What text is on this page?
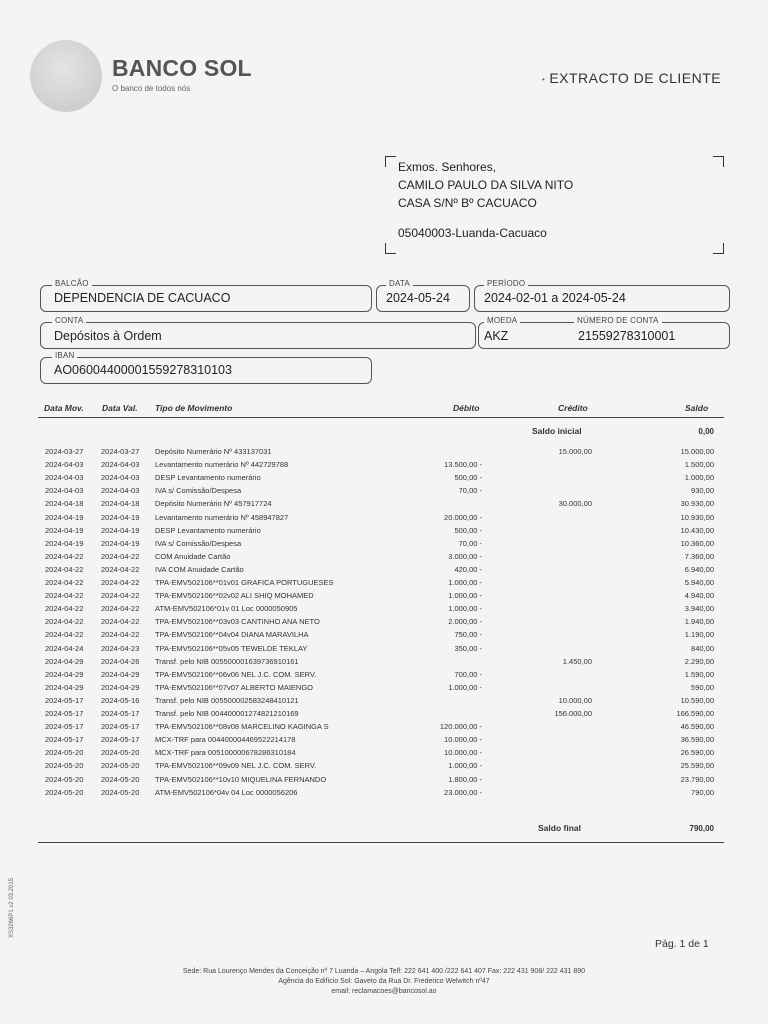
BANCO SOL
O banco de todos nós
• EXTRACTO DE CLIENTE
Exmos. Senhores,
CAMILO PAULO DA SILVA NITO
CASA S/Nº Bº CACUACO
05040003-Luanda-Cacuaco
BALCÃO
DEPENDENCIA DE CACUACO
DATA
2024-05-24
PERÍODO
2024-02-01 a 2024-05-24
CONTA
Depósitos à Ordem
MOEDA
AKZ
NÚMERO DE CONTA
21559278310001
IBAN
AO06004400001559278310103
Data Mov. Data Val. Tipo de Movimento	Débito	Crédito	Saldo
Saldo inicial	0,00
2024-03-27 2024-03-27 Depósito Numerário Nº 433137031	15.000,00	15.000,00
2024-04-03 2024-04-03 Levantamento numerário Nº 442729788	13.500,00 -	1.500,00
2024-04-03 2024-04-03 DESP Levantamento numerário	500,00 -	1.000,00
2024-04-03 2024-04-03 IVA s/ Comissão/Despesa	70,00 -	930,00
2024-04-18 2024-04-18 Depósito Numerário Nº 457917724	30.000,00	30.930,00
2024-04-19 2024-04-19 Levantamento numerário Nº 458947827	20.000,00 -	10.930,00
2024-04-19 2024-04-19 DESP Levantamento numerário	500,00 -	10.430,00
2024-04-19 2024-04-19 IVA s/ Comissão/Despesa	70,00 -	10.360,00
2024-04-22 2024-04-22 COM Anuidade Cartão	3.000,00 -	7.360,00
2024-04-22 2024-04-22 IVA COM Anuidade Cartão	420,00 -	6.940,00
2024-04-22 2024-04-22 TPA-EMV502106**01v01 GRAFICA PORTUGUESES	1.000,00 -	5.940,00
2024-04-22 2024-04-22 TPA-EMV502106**02v02 ALI SHIQ MOHAMED	1.000,00 -	4.940,00
2024-04-22 2024-04-22 ATM-EMV502106*01v 01 Loc 0000050905	1.000,00 -	3.940,00
2024-04-22 2024-04-22 TPA-EMV502106**03v03 CANTINHO ANA NETO	2.000,00 -	1.940,00
2024-04-22 2024-04-22 TPA-EMV502106**04v04 DIANA MARAVILHA	750,00 -	1.190,00
2024-04-24 2024-04-23 TPA-EMV502106**05v05 TEWELDE TEKLAY	350,00 -	840,00
2024-04-29 2024-04-26 Transf. pelo NIB 005500001639736910161	1.450,00	2.290,00
2024-04-29 2024-04-29 TPA-EMV502106**06v06 NEL J.C. COM. SERV.	700,00 -	1.590,00
2024-04-29 2024-04-29 TPA-EMV502106**07v07 ALBERTO MAIENGO	1.000,00 -	590,00
2024-05-17 2024-05-16 Transf. pelo NIB 005500002583248410121	10.000,00	10.590,00
2024-05-17 2024-05-17 Transf. pelo NIB 004400001274821210169	156.000,00	166.590,00
2024-05-17 2024-05-17 TPA-EMV502106**08v08 MARCELINO KAGINGA S	120.000,00 -	46.590,00
2024-05-17 2024-05-17 MCX-TRF para 004400004469522214178	10.000,00 -	36.590,00
2024-05-20 2024-05-20 MCX-TRF para 005100000678286310184	10.000,00 -	26.590,00
2024-05-20 2024-05-20 TPA-EMV502106**09v09 NEL J.C. COM. SERV.	1.000,00 -	25.590,00
2024-05-20 2024-05-20 TPA-EMV502106**10v10 MIQUELINA FERNANDO	1.800,00 -	23.790,00
2024-05-20 2024-05-20 ATM-EMV502106*04v 04 Loc 0000056206	23.000,00 -	790,00
Saldo final	790,00
XS3266P1 v2 03.2015
Pág. 1 de 1
Sede: Rua Lourenço Mendes da Conceição nº 7 Luanda – Angola Telf: 222 641 400 /222 641 407 Fax: 222 431 908/ 222 431 890
Agência do Edifício Sol: Gaveto da Rua Dr. Frederico Welwitch nº47
email: reclamacoes@bancosol.ao
